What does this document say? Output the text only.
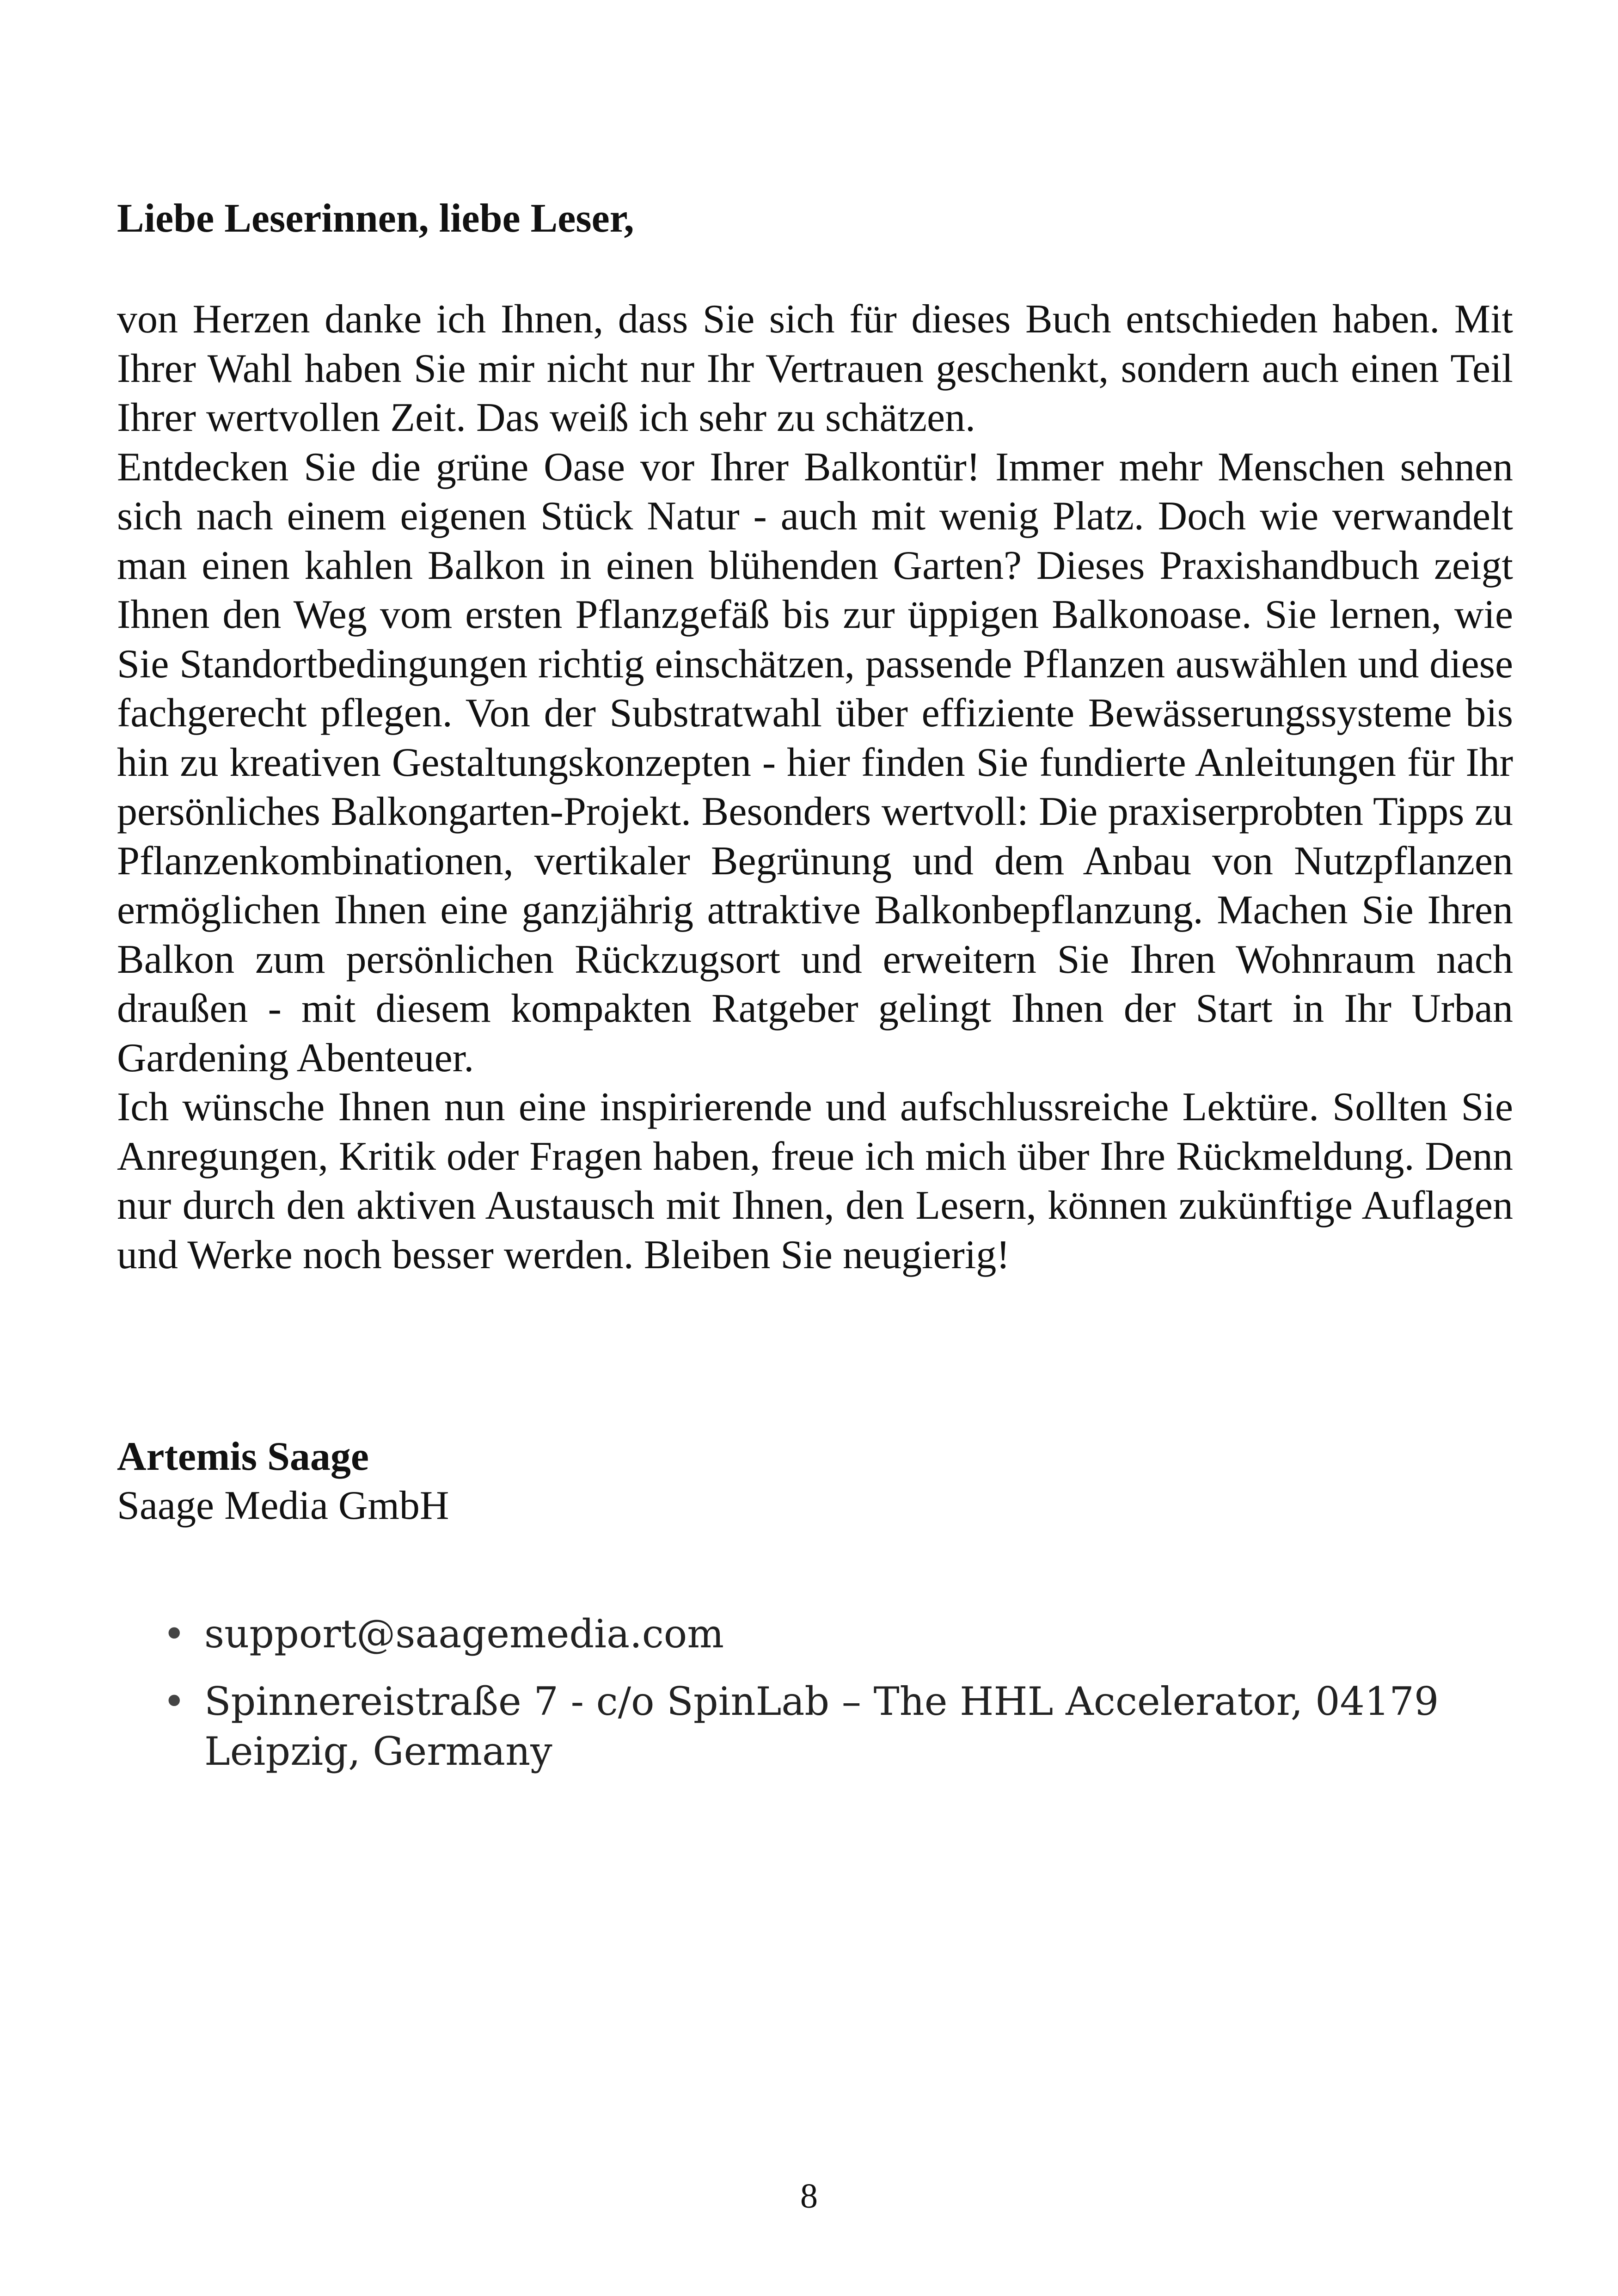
Liebe Leserinnen, liebe Leser,

von Herzen danke ich Ihnen, dass Sie sich für dieses Buch entschieden haben. Mit Ihrer Wahl haben Sie mir nicht nur Ihr Vertrauen geschenkt, sondern auch einen Teil Ihrer wertvollen Zeit. Das weiß ich sehr zu schätzen.

Entdecken Sie die grüne Oase vor Ihrer Balkontür! Immer mehr Menschen sehnen sich nach einem eigenen Stück Natur - auch mit wenig Platz. Doch wie verwandelt man einen kahlen Balkon in einen blühenden Garten? Dieses Praxishandbuch zeigt Ihnen den Weg vom ersten Pflanzgefäß bis zur üppigen Balkonoase. Sie lernen, wie Sie Standortbedingungen richtig einschätzen, passende Pflanzen auswählen und diese fachgerecht pflegen. Von der Substratwahl über effiziente Bewässerungssysteme bis hin zu kreativen Gestaltungskonzepten - hier finden Sie fundierte Anleitungen für Ihr persönliches Balkongarten-Projekt. Besonders wertvoll: Die praxiserprobten Tipps zu Pflanzenkombinationen, vertikaler Begrünung und dem Anbau von Nutzpflanzen ermöglichen Ihnen eine ganzjährig attraktive Balkonbepflanzung. Machen Sie Ihren Balkon zum persönlichen Rückzugsort und erweitern Sie Ihren Wohnraum nach draußen - mit diesem kompakten Ratgeber gelingt Ihnen der Start in Ihr Urban Gardening Abenteuer.

Ich wünsche Ihnen nun eine inspirierende und aufschlussreiche Lektüre. Sollten Sie Anregungen, Kritik oder Fragen haben, freue ich mich über Ihre Rückmeldung. Denn nur durch den aktiven Austausch mit Ihnen, den Lesern, können zukünftige Auflagen und Werke noch besser werden. Bleiben Sie neugierig!

Artemis Saage

Saage Media GmbH

• support@saagemedia.com
• Spinnereistraße 7 - c/o SpinLab – The HHL Accelerator, 04179 Leipzig, Germany
8
